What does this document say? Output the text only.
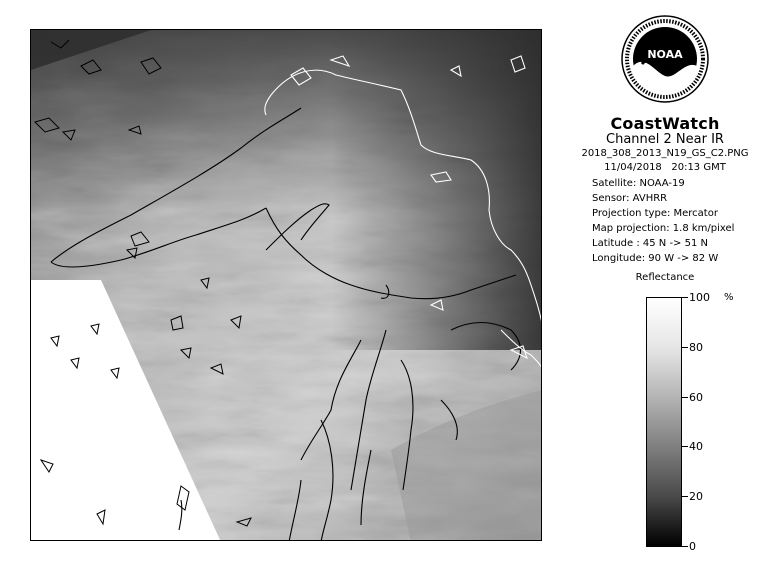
NOAA
CoastWatch
Channel 2 Near IR
2018_308_2013_N19_GS_C2.PNG
11/04/2018 20:13 GMT
Satellite: NOAA-19
Sensor: AVHRR
Projection type: Mercator
Map projection: 1.8 km/pixel
Latitude : 45 N -> 51 N
Longitude: 90 W -> 82 W
Reflectance
%
100
80
60
40
20
0
